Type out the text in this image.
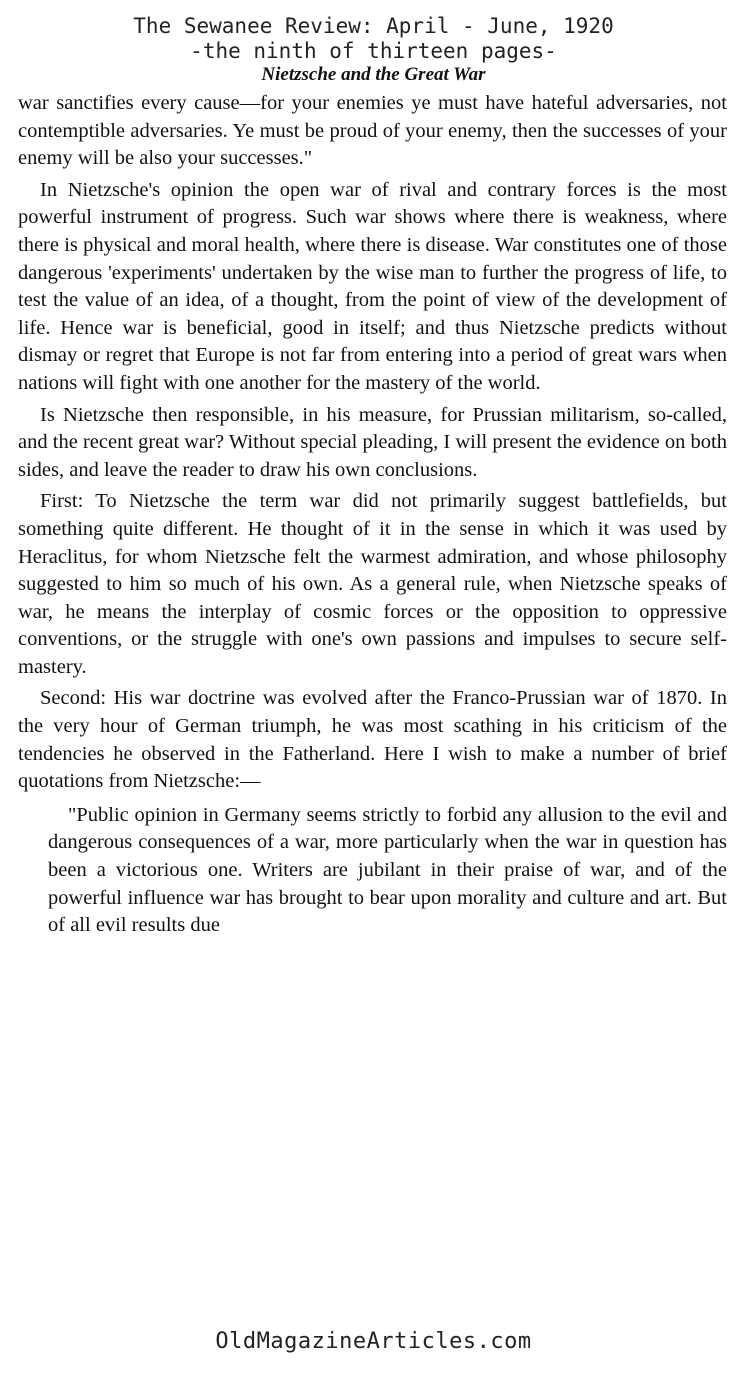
The Sewanee Review: April - June, 1920

-the ninth of thirteen pages-

Nietzsche and the Great War

war sanctifies every cause—for your enemies ye must have hateful adversaries, not contemptible adversaries. Ye must be proud of your enemy, then the successes of your enemy will be also your successes."

In Nietzsche's opinion the open war of rival and contrary forces is the most powerful instrument of progress. Such war shows where there is weakness, where there is physical and moral health, where there is disease. War constitutes one of those dangerous 'experiments' undertaken by the wise man to further the progress of life, to test the value of an idea, of a thought, from the point of view of the development of life. Hence war is beneficial, good in itself; and thus Nietzsche predicts without dismay or regret that Europe is not far from entering into a period of great wars when nations will fight with one another for the mastery of the world.

Is Nietzsche then responsible, in his measure, for Prussian militarism, so-called, and the recent great war? Without special pleading, I will present the evidence on both sides, and leave the reader to draw his own conclusions.

First: To Nietzsche the term war did not primarily suggest battlefields, but something quite different. He thought of it in the sense in which it was used by Heraclitus, for whom Nietzsche felt the warmest admiration, and whose philosophy suggested to him so much of his own. As a general rule, when Nietzsche speaks of war, he means the interplay of cosmic forces or the opposition to oppressive conventions, or the struggle with one's own passions and impulses to secure self-mastery.

Second: His war doctrine was evolved after the Franco-Prussian war of 1870. In the very hour of German triumph, he was most scathing in his criticism of the tendencies he observed in the Fatherland. Here I wish to make a number of brief quotations from Nietzsche:—

"Public opinion in Germany seems strictly to forbid any allusion to the evil and dangerous consequences of a war, more particularly when the war in question has been a victorious one. Writers are jubilant in their praise of war, and of the powerful influence war has brought to bear upon morality and culture and art. But of all evil results due

OldMagazineArticles.com
